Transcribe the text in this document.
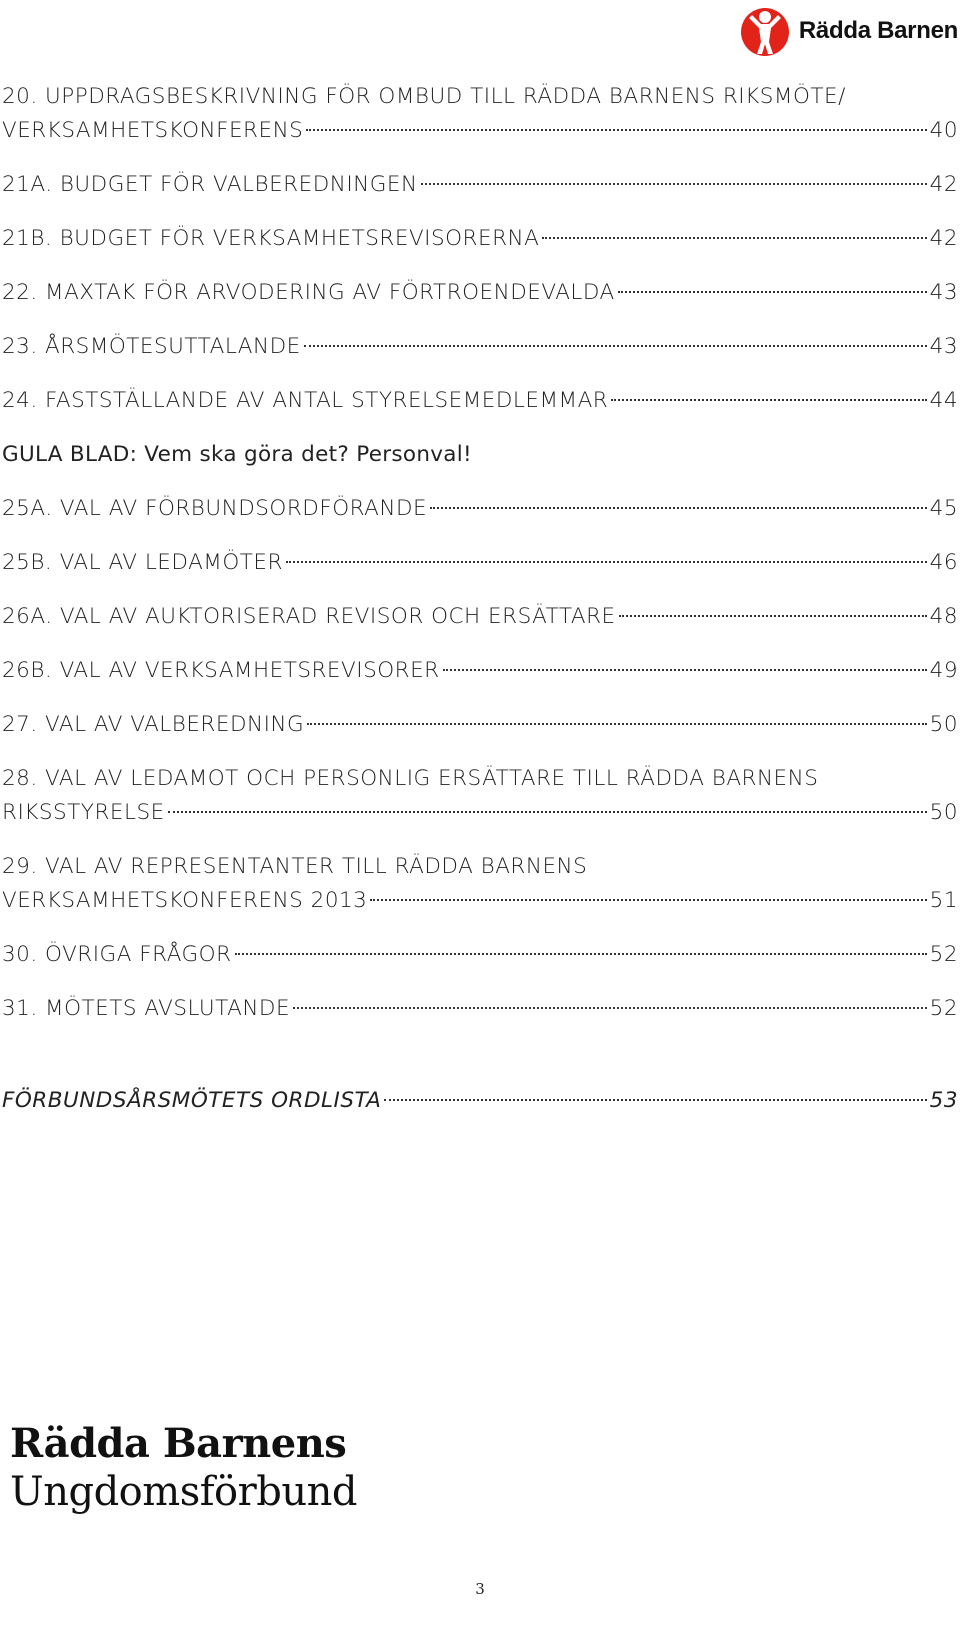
Rädda Barnen
20. UPPDRAGSBESKRIVNING FÖR OMBUD TILL RÄDDA BARNENS RIKSMÖTE/
VERKSAMHETSKONFERENS	40
21A. BUDGET FÖR VALBEREDNINGEN	42
21B. BUDGET FÖR VERKSAMHETSREVISORERNA	42
22. MAXTAK FÖR ARVODERING AV FÖRTROENDEVALDA	43
23. ÅRSMÖTESUTTALANDE	43
24. FASTSTÄLLANDE AV ANTAL STYRELSEMEDLEMMAR	44
GULA BLAD: Vem ska göra det? Personval!
25A. VAL AV FÖRBUNDSORDFÖRANDE	45
25B. VAL AV LEDAMÖTER	46
26A. VAL AV AUKTORISERAD REVISOR OCH ERSÄTTARE	48
26B. VAL AV VERKSAMHETSREVISORER	49
27. VAL AV VALBEREDNING	50
28. VAL AV LEDAMOT OCH PERSONLIG ERSÄTTARE TILL RÄDDA BARNENS
RIKSSTYRELSE	50
29. VAL AV REPRESENTANTER TILL RÄDDA BARNENS
VERKSAMHETSKONFERENS 2013	51
30. ÖVRIGA FRÅGOR	52
31. MÖTETS AVSLUTANDE	52
FÖRBUNDSÅRSMÖTETS ORDLISTA	53
Rädda Barnens
Ungdomsförbund
3
